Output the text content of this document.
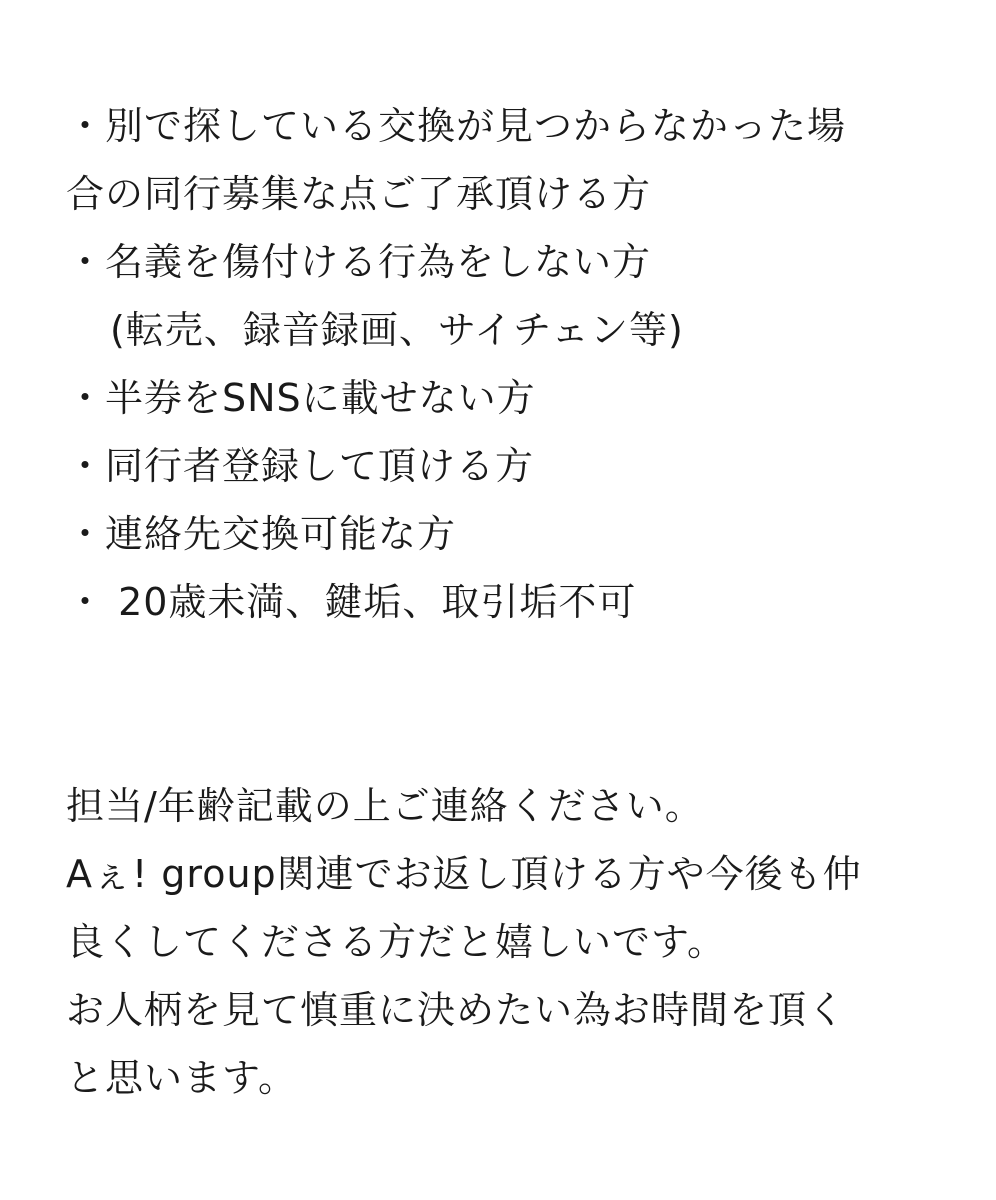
・別で探している交換が見つからなかった場
合の同行募集な点ご了承頂ける方
・名義を傷付ける行為をしない方
(転売、録音録画、サイチェン等)
・半券をSNSに載せない方
・同行者登録して頂ける方
・連絡先交換可能な方
・ 20歳未満、鍵垢、取引垢不可
担当/年齢記載の上ご連絡ください。
Aぇ! group関連でお返し頂ける方や今後も仲
良くしてくださる方だと嬉しいです。
お人柄を見て慎重に決めたい為お時間を頂く
と思います。
